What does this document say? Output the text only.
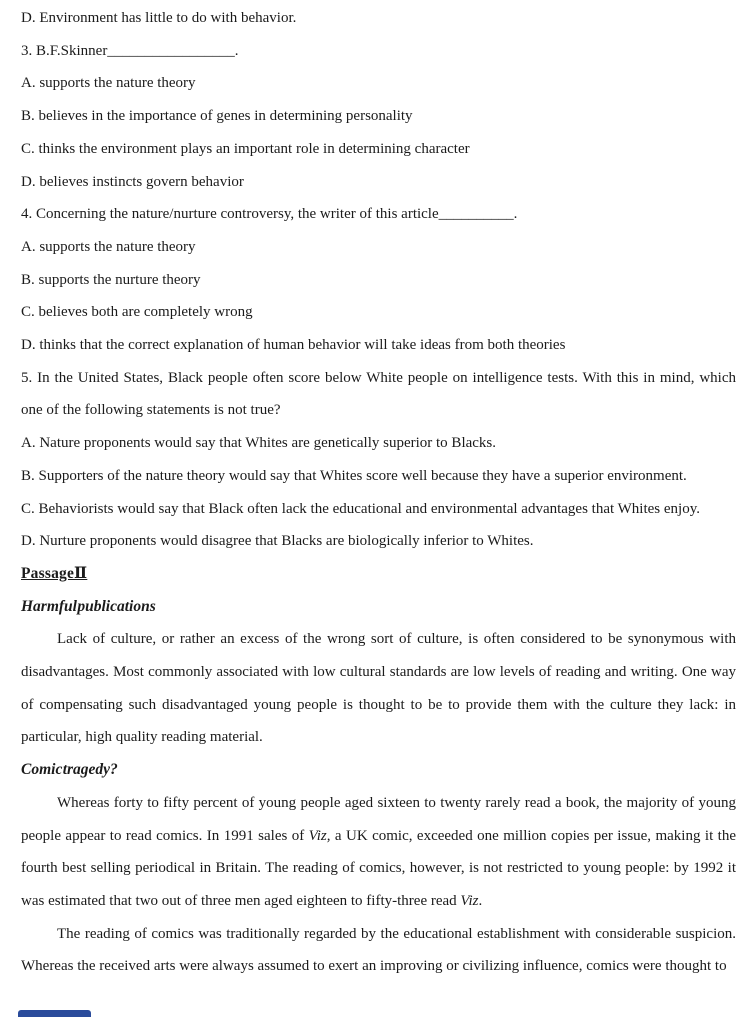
D. Environment has little to do with behavior.

3. B.F.Skinner_________________.

A. supports the nature theory

B. believes in the importance of genes in determining personality

C. thinks the environment plays an important role in determining character

D. believes instincts govern behavior

4. Concerning the nature/nurture controversy, the writer of this article__________.

A. supports the nature theory

B. supports the nurture theory

C. believes both are completely wrong

D. thinks that the correct explanation of human behavior will take ideas from both theories

5. In the United States, Black people often score below White people on intelligence tests. With this in mind, which one of the following statements is not true?

A. Nature proponents would say that Whites are genetically superior to Blacks.

B. Supporters of the nature theory would say that Whites score well because they have a superior environment.

C. Behaviorists would say that Black often lack the educational and environmental advantages that Whites enjoy.

D. Nurture proponents would disagree that Blacks are biologically inferior to Whites.

PassageⅡ

Harmful publications

Lack of culture, or rather an excess of the wrong sort of culture, is often considered to be synonymous with disadvantages. Most commonly associated with low cultural standards are low levels of reading and writing. One way of compensating such disadvantaged young people is thought to be to provide them with the culture they lack: in particular, high quality reading material.

Comic tragedy?

Whereas forty to fifty percent of young people aged sixteen to twenty rarely read a book, the majority of young people appear to read comics. In 1991 sales of Viz, a UK comic, exceeded one million copies per issue, making it the fourth best selling periodical in Britain. The reading of comics, however, is not restricted to young people: by 1992 it was estimated that two out of three men aged eighteen to fifty-three read Viz.

The reading of comics was traditionally regarded by the educational establishment with considerable suspicion. Whereas the received arts were always assumed to exert an improving or civilizing influence, comics were thought to
